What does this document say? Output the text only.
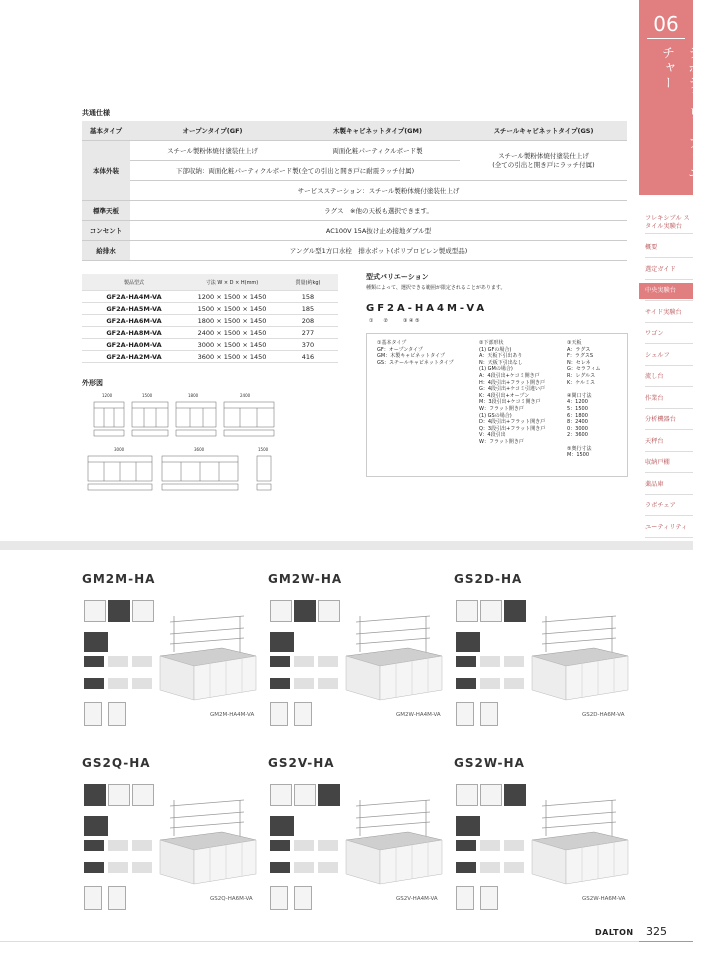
06
ラボラトリーファニチャー
フレキシブル スタイル実験台
概要
選定ガイド
中央実験台
サイド実験台
ワゴン
シェルフ
流し台
作業台
分析機器台
天秤台
収納戸棚
薬品庫
ラボチェア
ユーティリティ
共通仕様
基本タイプ	オープンタイプ(GF)	木製キャビネットタイプ(GM)	スチールキャビネットタイプ(GS)
本体外装	スチール製粉体焼付塗装仕上げ	両面化粧パーティクルボード製	スチール製粉体焼付塗装仕上げ
(全ての引出と開き戸にラッチ付属)
	下部収納：両面化粧パーティクルボード製(全ての引出と開き戸に耐震ラッチ付属)		
	サービスステーション：スチール製粉体焼付塗装仕上げ		
標準天板	ラグス　※他の天板も選択できます。		
コンセント	AC100V 15A抜け止め接地ダブル型		
給排水	アングル型1方口水栓　排水ポット(ポリプロピレン製成型品)		
製品型式	寸法 W × D × H(mm)	質量(約kg)
GF2A-HA4M-VA	1200 × 1500 × 1450	158
GF2A-HA5M-VA	1500 × 1500 × 1450	185
GF2A-HA6M-VA	1800 × 1500 × 1450	208
GF2A-HA8M-VA	2400 × 1500 × 1450	277
GF2A-HA0M-VA	3000 × 1500 × 1450	370
GF2A-HA2M-VA	3600 × 1500 × 1450	416
外形図
1200	1500	1800	2400
3000	3600	1500
型式バリエーション
種類によって、選択できる範囲が限定されることがあります。
GF2A-HA4M-VA
①　　②　　　③ ④ ⑤
①基本タイプ
GF：オープンタイプ
GM：木製キャビネットタイプ
GS：スチールキャビネットタイプ
②下部形状
(1) GFの場合)
A：天板下引出あり
N：天板下引出なし
(1) GMの場合)
A：4段引出+ケコミ開き戸
H：4段引出+フラット開き戸
G：4段引出+ケコミ引違い戸
K：4段引出+オープン
M：3段引出+ケコミ開き戸
W：フラット開き戸
(1) GSの場合)
D：4段引出+フラット開き戸
Q：3段引出+フラット開き戸
V：4段引出
W：フラット開き戸
③天板
A：ラグス
F：ラグスS
N：セレネ
G：セラフィム
R：レグルス
K：ケルミス
④間口寸法
4：1200
5：1500
6：1800
8：2400
0：3000
2：3600
⑤奥行寸法
M：1500
GM2M-HA
GM2M-HA4M-VA
GM2W-HA
GM2W-HA4M-VA
GS2D-HA
GS2D-HA6M-VA
GS2Q-HA
GS2Q-HA6M-VA
GS2V-HA
GS2V-HA4M-VA
GS2W-HA
GS2W-HA6M-VA
DALTON 325
